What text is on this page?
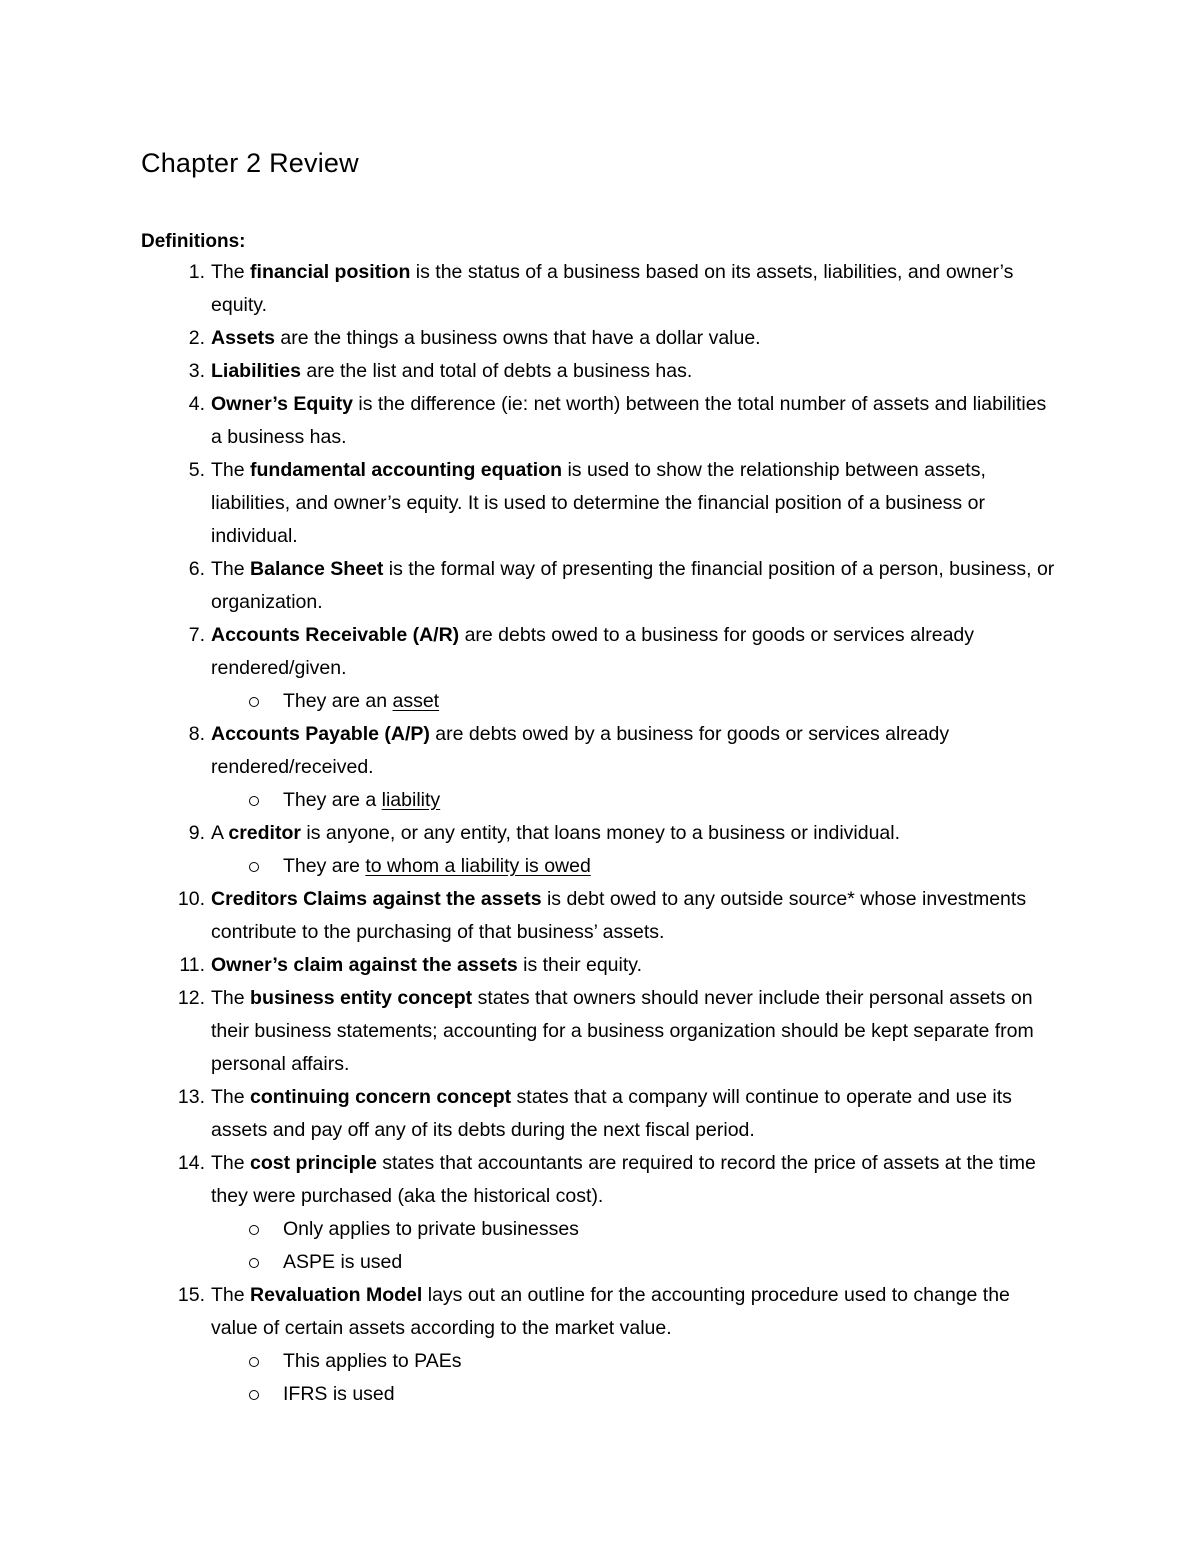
Chapter 2 Review
Definitions:
1. The financial position is the status of a business based on its assets, liabilities, and owner’s equity.
2. Assets are the things a business owns that have a dollar value.
3. Liabilities are the list and total of debts a business has.
4. Owner’s Equity is the difference (ie: net worth) between the total number of assets and liabilities a business has.
5. The fundamental accounting equation is used to show the relationship between assets, liabilities, and owner’s equity. It is used to determine the financial position of a business or individual.
6. The Balance Sheet is the formal way of presenting the financial position of a person, business, or organization.
7. Accounts Receivable (A/R) are debts owed to a business for goods or services already rendered/given.
They are an asset
8. Accounts Payable (A/P) are debts owed by a business for goods or services already rendered/received.
They are a liability
9. A creditor is anyone, or any entity, that loans money to a business or individual.
They are to whom a liability is owed
10. Creditors Claims against the assets is debt owed to any outside source* whose investments contribute to the purchasing of that business’ assets.
11. Owner’s claim against the assets is their equity.
12. The business entity concept states that owners should never include their personal assets on their business statements; accounting for a business organization should be kept separate from personal affairs.
13. The continuing concern concept states that a company will continue to operate and use its assets and pay off any of its debts during the next fiscal period.
14. The cost principle states that accountants are required to record the price of assets at the time they were purchased (aka the historical cost).
Only applies to private businesses
ASPE is used
15. The Revaluation Model lays out an outline for the accounting procedure used to change the value of certain assets according to the market value.
This applies to PAEs
IFRS is used
